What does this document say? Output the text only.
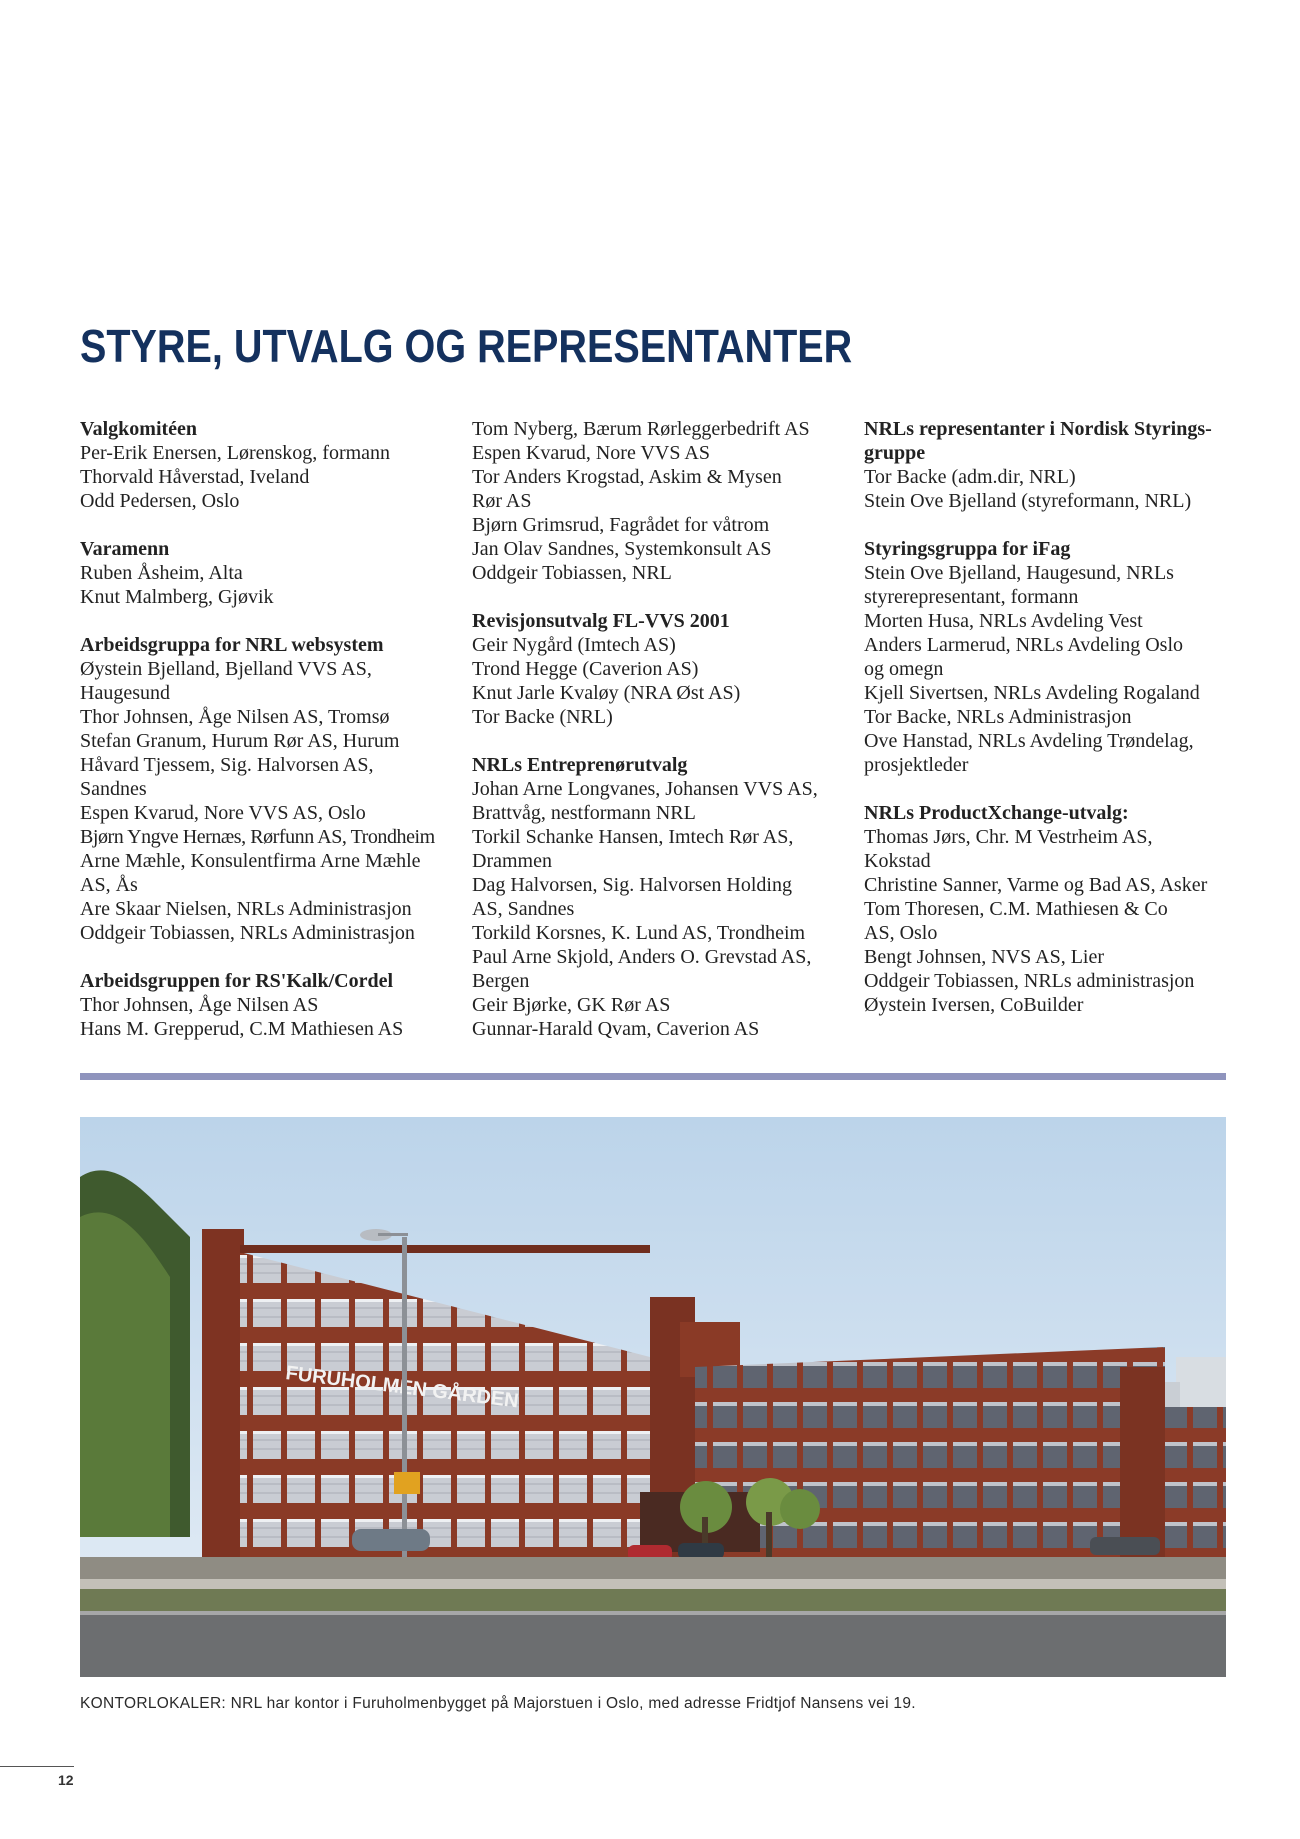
STYRE, UTVALG OG REPRESENTANTER
Valgkomitéen
Per-Erik Enersen, Lørenskog, formann
Thorvald Håverstad, Iveland
Odd Pedersen, Oslo
Varamenn
Ruben Åsheim, Alta
Knut Malmberg, Gjøvik
Arbeidsgruppa for NRL websystem
Øystein Bjelland, Bjelland VVS AS,
Haugesund
Thor Johnsen, Åge Nilsen AS, Tromsø
Stefan Granum, Hurum Rør AS, Hurum
Håvard Tjessem, Sig. Halvorsen AS,
Sandnes
Espen Kvarud, Nore VVS AS, Oslo
Bjørn Yngve Hernæs, Rørfunn AS, Trondheim
Arne Mæhle, Konsulentfirma Arne Mæhle
AS, Ås
Are Skaar Nielsen, NRLs Administrasjon
Oddgeir Tobiassen, NRLs Administrasjon
Arbeidsgruppen for RS'Kalk/Cordel
Thor Johnsen, Åge Nilsen AS
Hans M. Grepperud, C.M Mathiesen AS
Tom Nyberg, Bærum Rørleggerbedrift AS
Espen Kvarud, Nore VVS AS
Tor Anders Krogstad, Askim & Mysen
Rør AS
Bjørn Grimsrud, Fagrådet for våtrom
Jan Olav Sandnes, Systemkonsult AS
Oddgeir Tobiassen, NRL
Revisjonsutvalg FL-VVS 2001
Geir Nygård (Imtech AS)
Trond Hegge (Caverion AS)
Knut Jarle Kvaløy (NRA Øst AS)
Tor Backe (NRL)
NRLs Entreprenørutvalg
Johan Arne Longvanes, Johansen VVS AS,
Brattvåg, nestformann NRL
Torkil Schanke Hansen, Imtech Rør AS,
Drammen
Dag Halvorsen, Sig. Halvorsen Holding
AS, Sandnes
Torkild Korsnes, K. Lund AS, Trondheim
Paul Arne Skjold, Anders O. Grevstad AS,
Bergen
Geir Bjørke, GK Rør AS
Gunnar-Harald Qvam, Caverion AS
NRLs representanter i Nordisk Styrings-
gruppe
Tor Backe (adm.dir, NRL)
Stein Ove Bjelland (styreformann, NRL)
Styringsgruppa for iFag
Stein Ove Bjelland, Haugesund, NRLs
styrerepresentant, formann
Morten Husa, NRLs Avdeling Vest
Anders Larmerud, NRLs Avdeling Oslo
og omegn
Kjell Sivertsen, NRLs Avdeling Rogaland
Tor Backe, NRLs Administrasjon
Ove Hanstad, NRLs Avdeling Trøndelag,
prosjektleder
NRLs ProductXchange-utvalg:
Thomas Jørs, Chr. M Vestrheim AS,
Kokstad
Christine Sanner, Varme og Bad AS, Asker
Tom Thoresen, C.M. Mathiesen & Co
AS, Oslo
Bengt Johnsen, NVS AS, Lier
Oddgeir Tobiassen, NRLs administrasjon
Øystein Iversen, CoBuilder
FURUHOLMEN GÅRDEN

KONTORLOKALER: NRL har kontor i Furuholmenbygget på Majorstuen i Oslo, med adresse Fridtjof Nansens vei 19.

12
